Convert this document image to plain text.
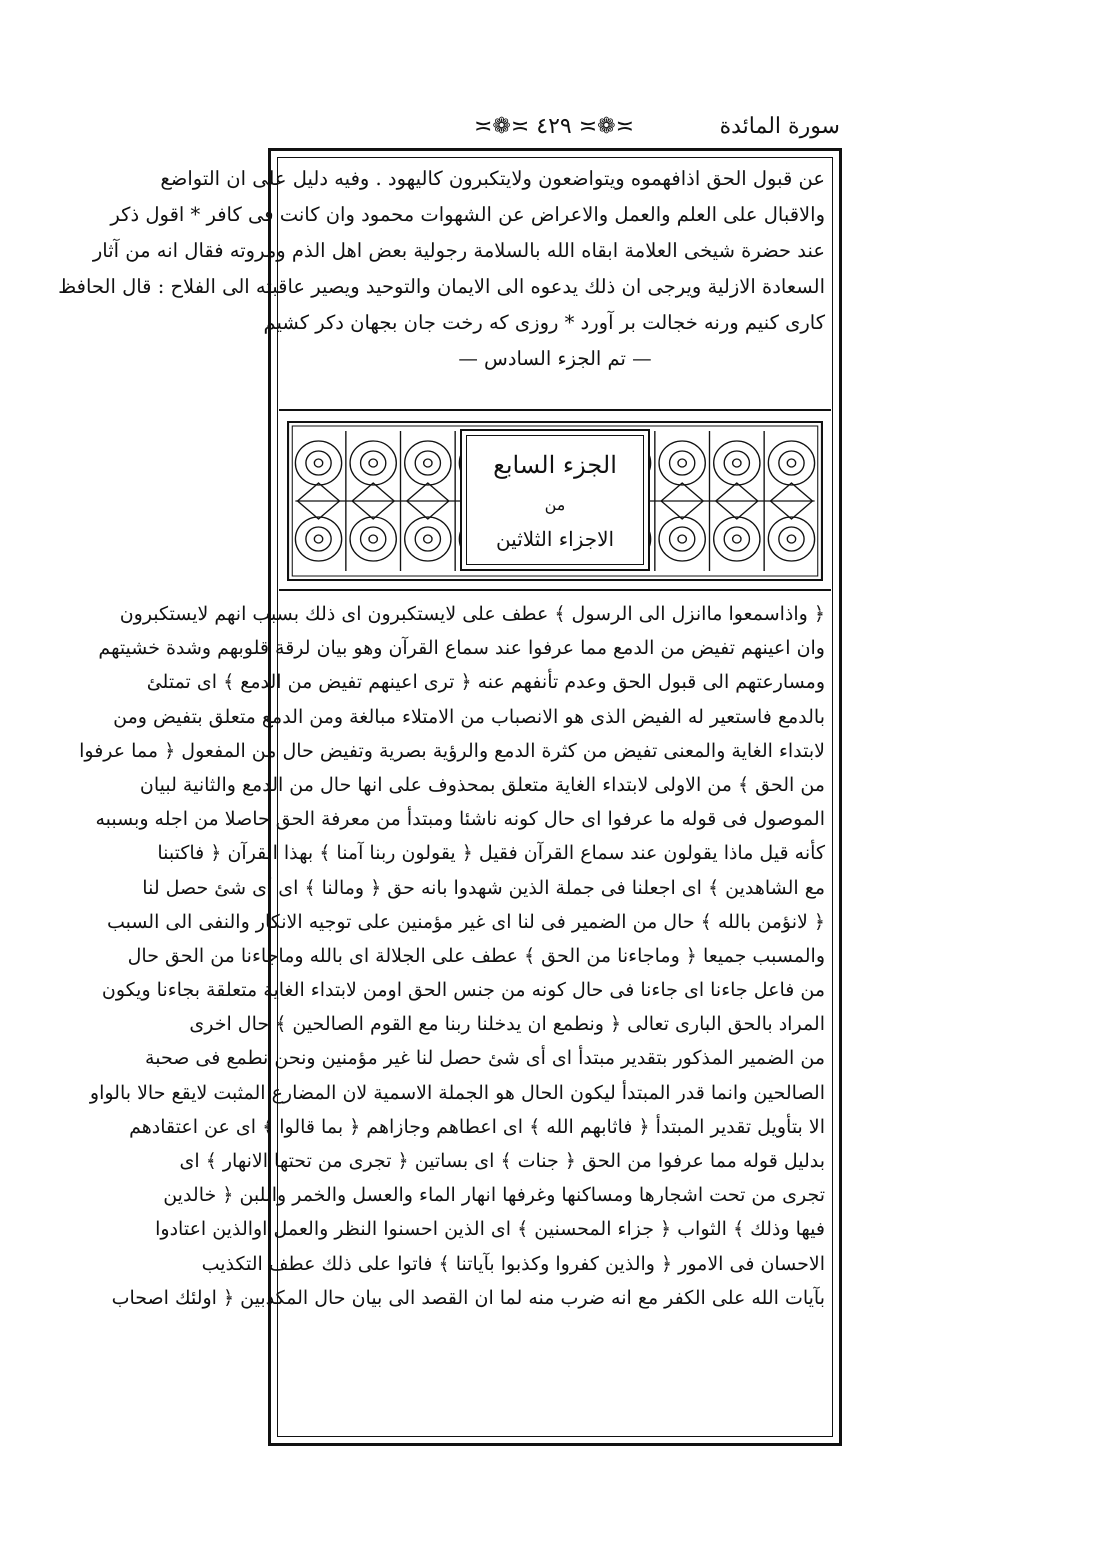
سورة المائدة
≍❁≍ ٤٢٩ ≍❁≍
عن قبول الحق اذافهموه ويتواضعون ولايتكبرون كاليهود . وفيه دليل على ان التواضع
والاقبال على العلم والعمل والاعراض عن الشهوات محمود وان كانت فى كافر * اقول ذكر
عند حضرة شيخى العلامة ابقاه الله بالسلامة رجولية بعض اهل الذم ومروته فقال انه من آثار
السعادة الازلية ويرجى ان ذلك يدعوه الى الايمان والتوحيد ويصير عاقبته الى الفلاح : قال الحافظ
كارى كنيم ورنه خجالت بر آورد * روزى كه رخت جان بجهان دكر كشيم
— تم الجزء السادس —
الجزء السابع
من
الاجزاء الثلاثين
﴿ واذاسمعوا ماانزل الى الرسول ﴾ عطف على لايستكبرون اى ذلك بسبب انهم لايستكبرون
وان اعينهم تفيض من الدمع مما عرفوا عند سماع القرآن وهو بيان لرقة قلوبهم وشدة خشيتهم
ومسارعتهم الى قبول الحق وعدم تأنفهم عنه ﴿ ترى اعينهم تفيض من الدمع ﴾ اى تمتلئ
بالدمع فاستعير له الفيض الذى هو الانصباب من الامتلاء مبالغة ومن الدمع متعلق بتفيض ومن
لابتداء الغاية والمعنى تفيض من كثرة الدمع والرؤية بصرية وتفيض حال من المفعول ﴿ مما عرفوا
من الحق ﴾ من الاولى لابتداء الغاية متعلق بمحذوف على انها حال من الدمع والثانية لبيان
الموصول فى قوله ما عرفوا اى حال كونه ناشئا ومبتدأ من معرفة الحق حاصلا من اجله وبسببه
كأنه قيل ماذا يقولون عند سماع القرآن فقيل ﴿ يقولون ربنا آمنا ﴾ بهذا القرآن ﴿ فاكتبنا
مع الشاهدين ﴾ اى اجعلنا فى جملة الذين شهدوا بانه حق ﴿ ومالنا ﴾ اى أى شئ حصل لنا
﴿ لانؤمن بالله ﴾ حال من الضمير فى لنا اى غير مؤمنين على توجيه الانكار والنفى الى السبب
والمسبب جميعا ﴿ وماجاءنا من الحق ﴾ عطف على الجلالة اى بالله وماجاءنا من الحق حال
من فاعل جاءنا اى جاءنا فى حال كونه من جنس الحق اومن لابتداء الغاية متعلقة بجاءنا ويكون
المراد بالحق البارى تعالى ﴿ ونطمع ان يدخلنا ربنا مع القوم الصالحين ﴾ حال اخرى
من الضمير المذكور بتقدير مبتدأ اى أى شئ حصل لنا غير مؤمنين ونحن نطمع فى صحبة
الصالحين وانما قدر المبتدأ ليكون الحال هو الجملة الاسمية لان المضارع المثبت لايقع حالا بالواو
الا بتأويل تقدير المبتدأ ﴿ فاثابهم الله ﴾ اى اعطاهم وجازاهم ﴿ بما قالوا ﴾ اى عن اعتقادهم
بدليل قوله مما عرفوا من الحق ﴿ جنات ﴾ اى بساتين ﴿ تجرى من تحتها الانهار ﴾ اى
تجرى من تحت اشجارها ومساكنها وغرفها انهار الماء والعسل والخمر واللبن ﴿ خالدين
فيها وذلك ﴾ الثواب ﴿ جزاء المحسنين ﴾ اى الذين احسنوا النظر والعمل اوالذين اعتادوا
الاحسان فى الامور ﴿ والذين كفروا وكذبوا بآياتنا ﴾ فاتوا على ذلك عطف التكذيب
بآيات الله على الكفر مع انه ضرب منه لما ان القصد الى بيان حال المكذبين ﴿ اولئك اصحاب
